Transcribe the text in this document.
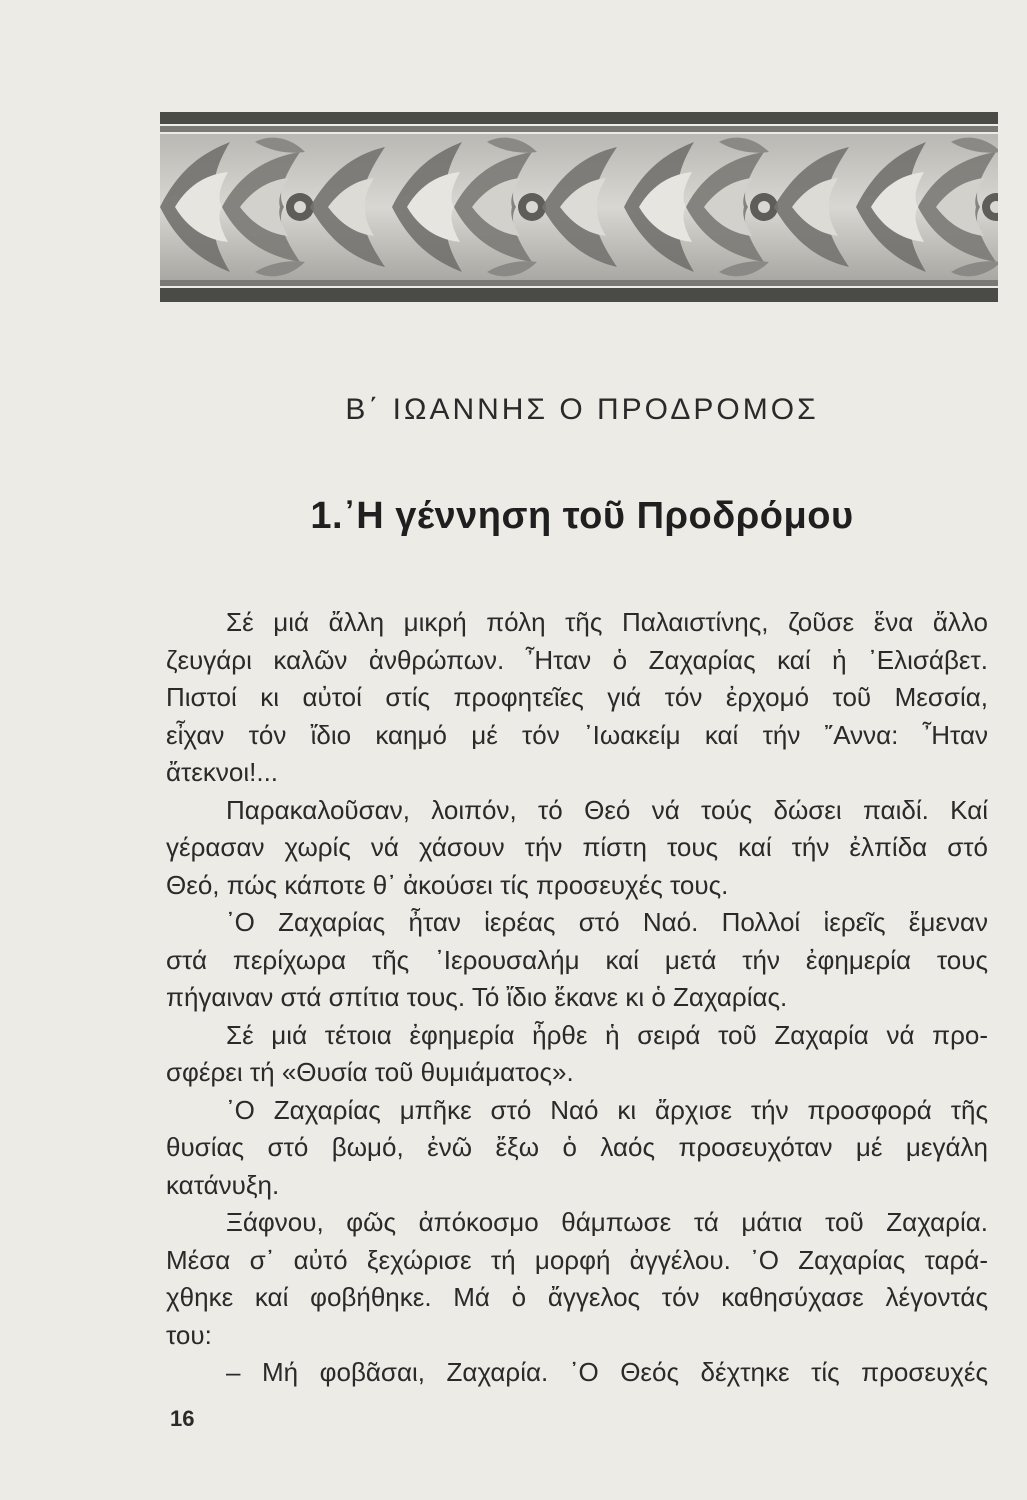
Β΄ ΙΩΑΝΝΗΣ Ο ΠΡΟΔΡΟΜΟΣ
1.᾿Η γέννηση τοῦ Προδρόμου
Σέ μιά ἄλλη μικρή πόλη τῆς Παλαιστίνης, ζοῦσε ἕνα ἄλλο
ζευγάρι καλῶν ἀνθρώπων. ῏Ηταν ὁ Ζαχαρίας καί ἡ ᾿Ελισάβετ.
Πιστοί κι αὐτοί στίς προφητεῖες γιά τόν ἐρχομό τοῦ Μεσσία,
εἶχαν τόν ἴδιο καημό μέ τόν ᾿Ιωακείμ καί τήν ῎Αννα: ῏Ηταν
ἄτεκνοι!...
Παρακαλοῦσαν, λοιπόν, τό Θεό νά τούς δώσει παιδί. Καί
γέρασαν χωρίς νά χάσουν τήν πίστη τους καί τήν ἐλπίδα στό
Θεό, πώς κάποτε θ᾿ ἀκούσει τίς προσευχές τους.
᾿Ο Ζαχαρίας ἦταν ἱερέας στό Ναό. Πολλοί ἱερεῖς ἔμεναν
στά περίχωρα τῆς ᾿Ιερουσαλήμ καί μετά τήν ἐφημερία τους
πήγαιναν στά σπίτια τους. Τό ἴδιο ἔκανε κι ὁ Ζαχαρίας.
Σέ μιά τέτοια ἐφημερία ἦρθε ἡ σειρά τοῦ Ζαχαρία νά προ-
σφέρει τή «Θυσία τοῦ θυμιάματος».
᾿Ο Ζαχαρίας μπῆκε στό Ναό κι ἄρχισε τήν προσφορά τῆς
θυσίας στό βωμό, ἐνῶ ἔξω ὁ λαός προσευχόταν μέ μεγάλη
κατάνυξη.
Ξάφνου, φῶς ἀπόκοσμο θάμπωσε τά μάτια τοῦ Ζαχαρία.
Μέσα σ᾿ αὐτό ξεχώρισε τή μορφή ἀγγέλου. ᾿Ο Ζαχαρίας ταρά-
χθηκε καί φοβήθηκε. Μά ὁ ἄγγελος τόν καθησύχασε λέγοντάς
του:
– Μή φοβᾶσαι, Ζαχαρία. ᾿Ο Θεός δέχτηκε τίς προσευχές
16
